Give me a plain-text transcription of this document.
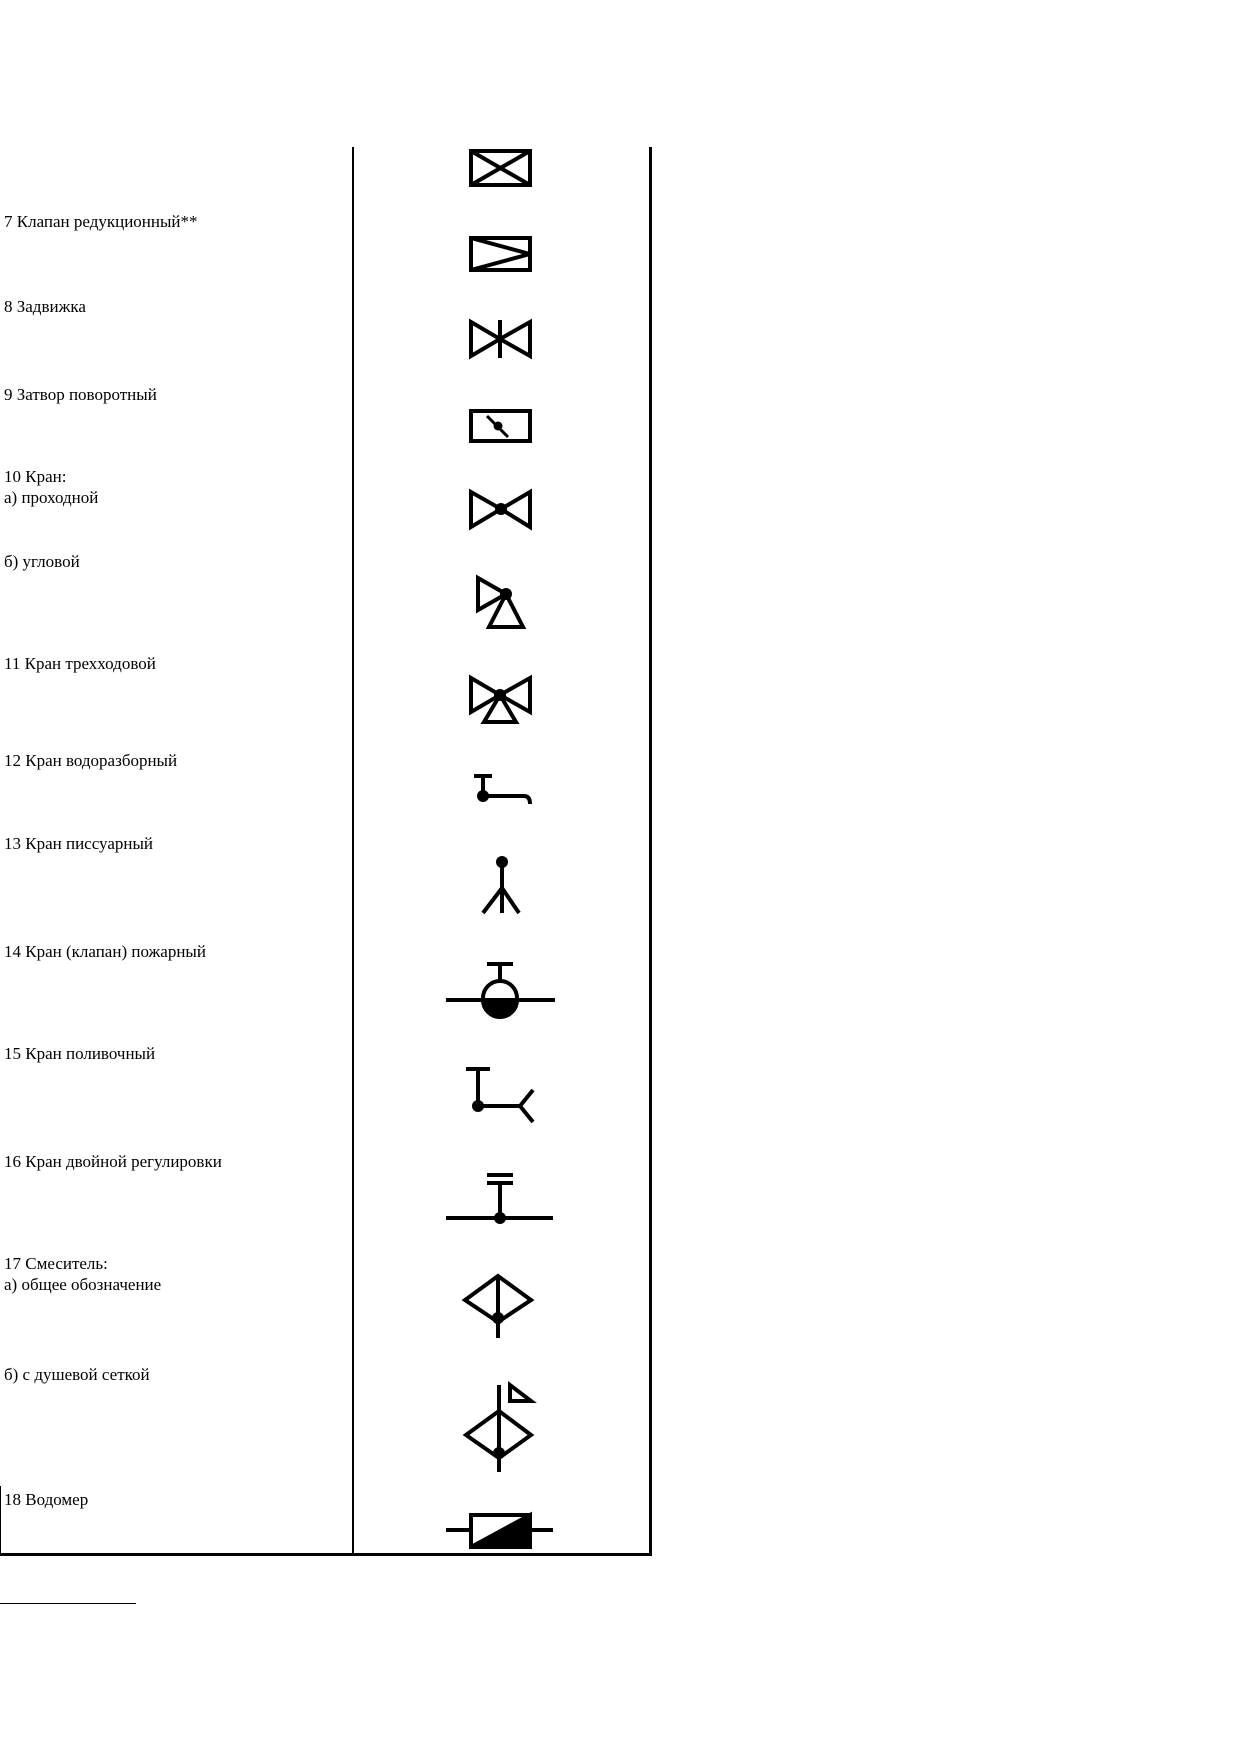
7 Клапан редукционный**
8 Задвижка
9 Затвор поворотный
10 Кран:
а) проходной
б) угловой
11 Кран трехходовой
12 Кран водоразборный
13 Кран писсуарный
14 Кран (клапан) пожарный
15 Кран поливочный
16 Кран двойной регулировки
17 Смеситель:
а) общее обозначение
б) с душевой сеткой
18 Водомер
